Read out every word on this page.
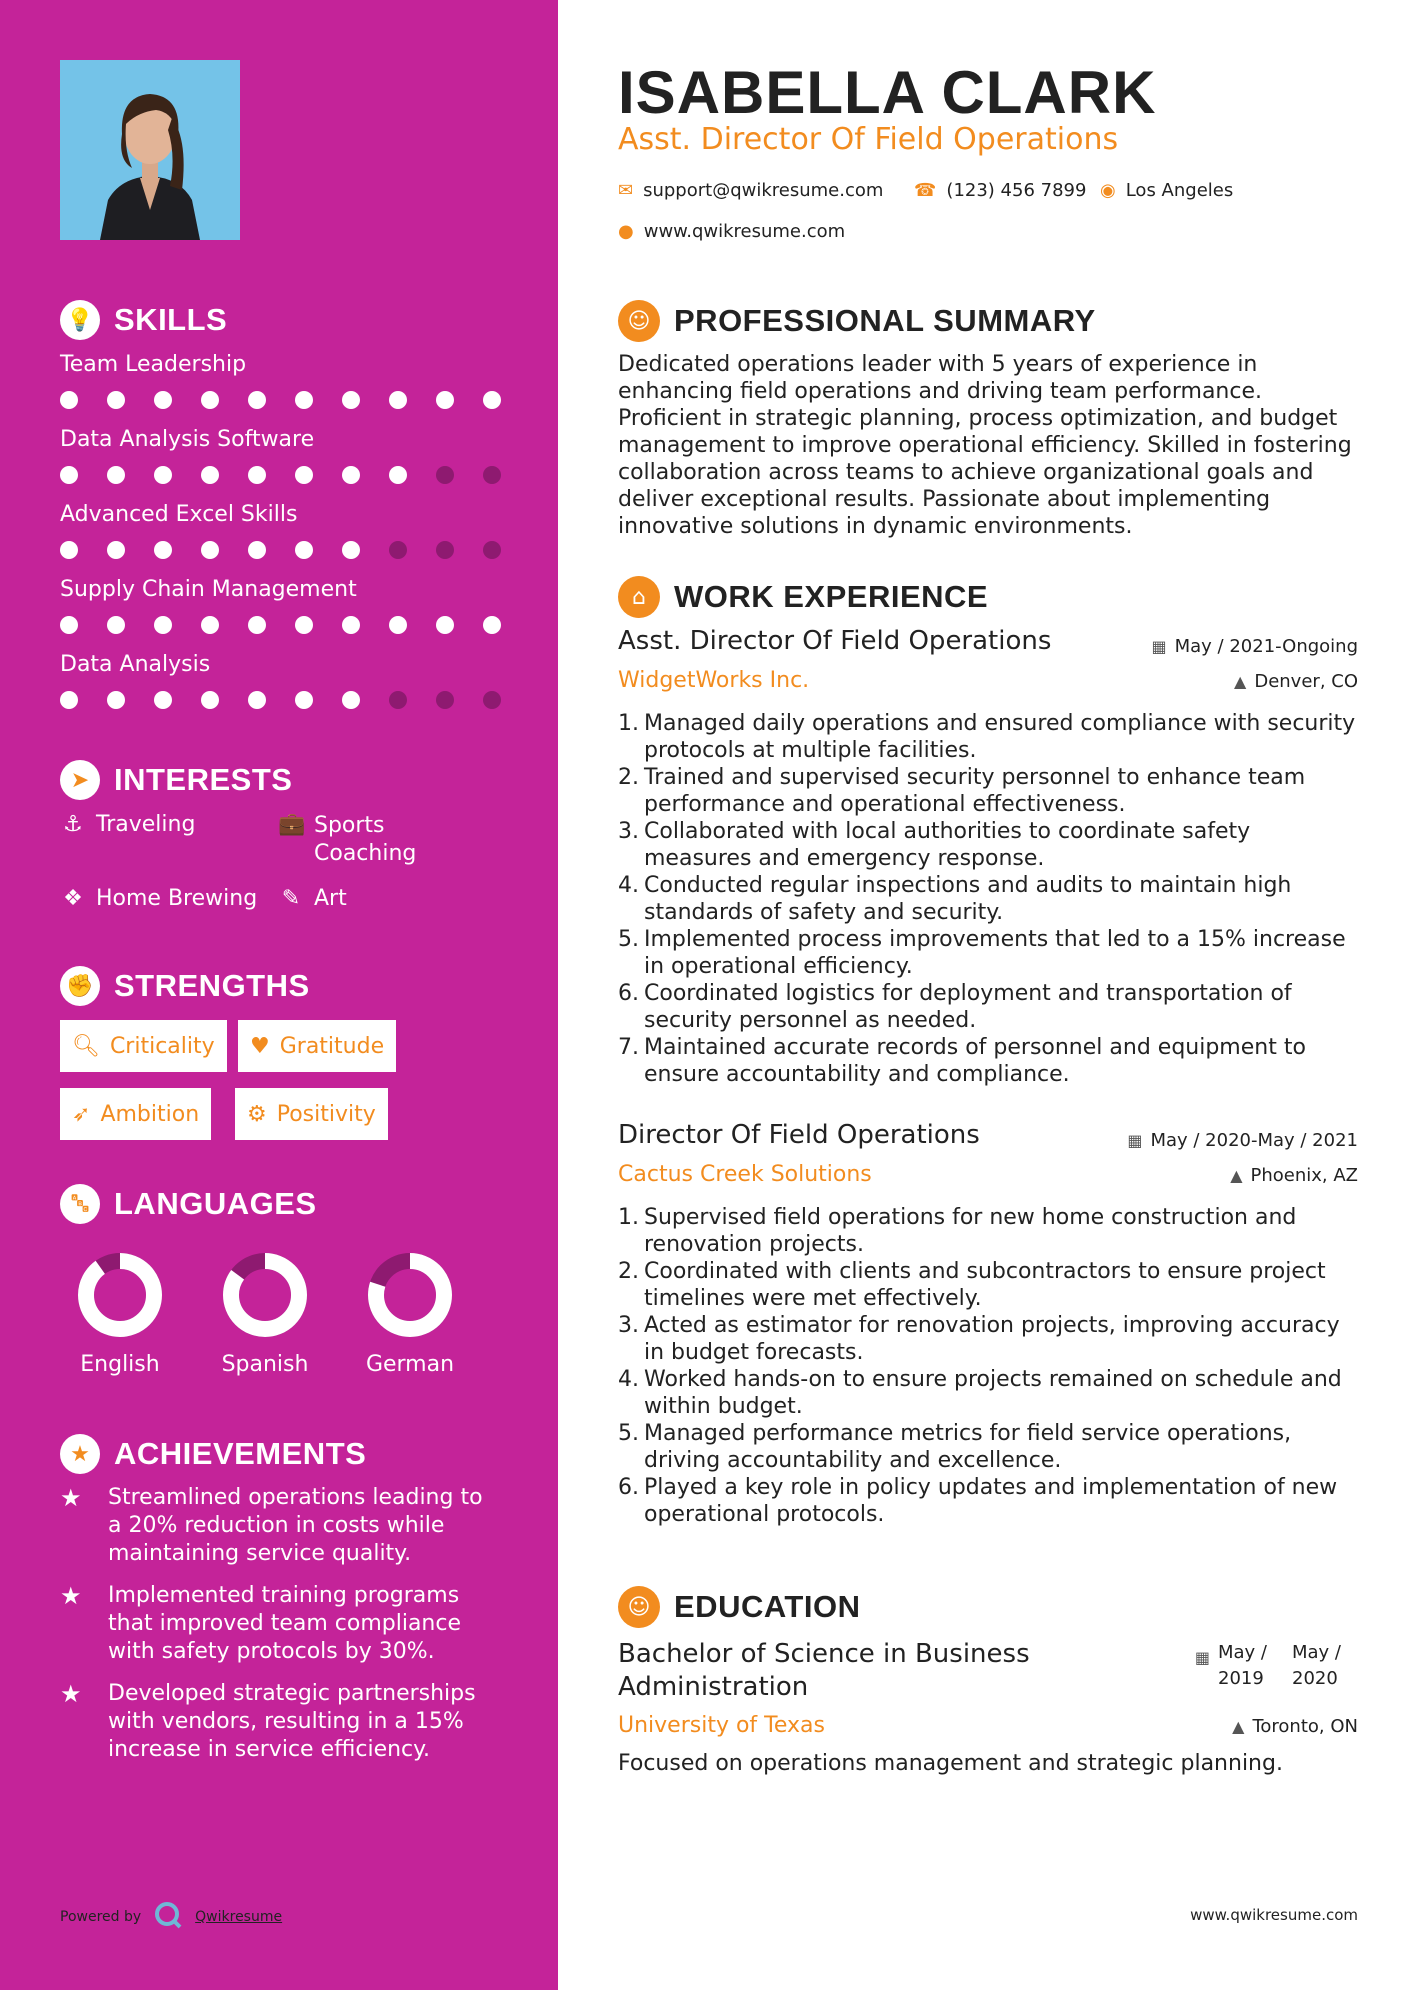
💡 SKILLS
Team Leadership
Data Analysis Software
Advanced Excel Skills
Supply Chain Management
Data Analysis
➤ INTERESTS
⚓ Traveling	💼 Sports
Coaching
❖ Home Brewing ✎ Art
✊ STRENGTHS
🔍︎ Criticality ♥ Gratitude
➶ Ambition ⚙ Positivity
🔤︎ LANGUAGES
English	Spanish	German
★ ACHIEVEMENTS
★	Streamlined operations leading to a 20% reduction in costs while maintaining service quality.
★	Implemented training programs that improved team compliance with safety protocols by 30%.
★	Developed strategic partnerships with vendors, resulting in a 15% increase in service efficiency.
Powered by	Qwikresume
ISABELLA CLARK
Asst. Director Of Field Operations
✉ support@qwikresume.com ☎ (123) 456 7899 ◉ Los Angeles
● www.qwikresume.com
☺ PROFESSIONAL SUMMARY
Dedicated operations leader with 5 years of experience in enhancing field operations and driving team performance. Proficient in strategic planning, process optimization, and budget management to improve operational efficiency. Skilled in fostering collaboration across teams to achieve organizational goals and deliver exceptional results. Passionate about implementing innovative solutions in dynamic environments.
⌂ WORK EXPERIENCE
Asst. Director Of Field Operations	▦ May / 2021-Ongoing
WidgetWorks Inc.	▲ Denver, CO
1. Managed daily operations and ensured compliance with security protocols at multiple facilities.
2. Trained and supervised security personnel to enhance team performance and operational effectiveness.
3. Collaborated with local authorities to coordinate safety measures and emergency response.
4. Conducted regular inspections and audits to maintain high standards of safety and security.
5. Implemented process improvements that led to a 15% increase in operational efficiency.
6. Coordinated logistics for deployment and transportation of security personnel as needed.
7. Maintained accurate records of personnel and equipment to ensure accountability and compliance.
Director Of Field Operations	▦ May / 2020-May / 2021
Cactus Creek Solutions	▲ Phoenix, AZ
1. Supervised field operations for new home construction and renovation projects.
2. Coordinated with clients and subcontractors to ensure project timelines were met effectively.
3. Acted as estimator for renovation projects, improving accuracy in budget forecasts.
4. Worked hands-on to ensure projects remained on schedule and within budget.
5. Managed performance metrics for field service operations, driving accountability and excellence.
6. Played a key role in policy updates and implementation of new operational protocols.
☺ EDUCATION
Bachelor of Science in Business Administration
▦ May / 2019
May / 2020
University of Texas	▲ Toronto, ON
Focused on operations management and strategic planning.
www.qwikresume.com
